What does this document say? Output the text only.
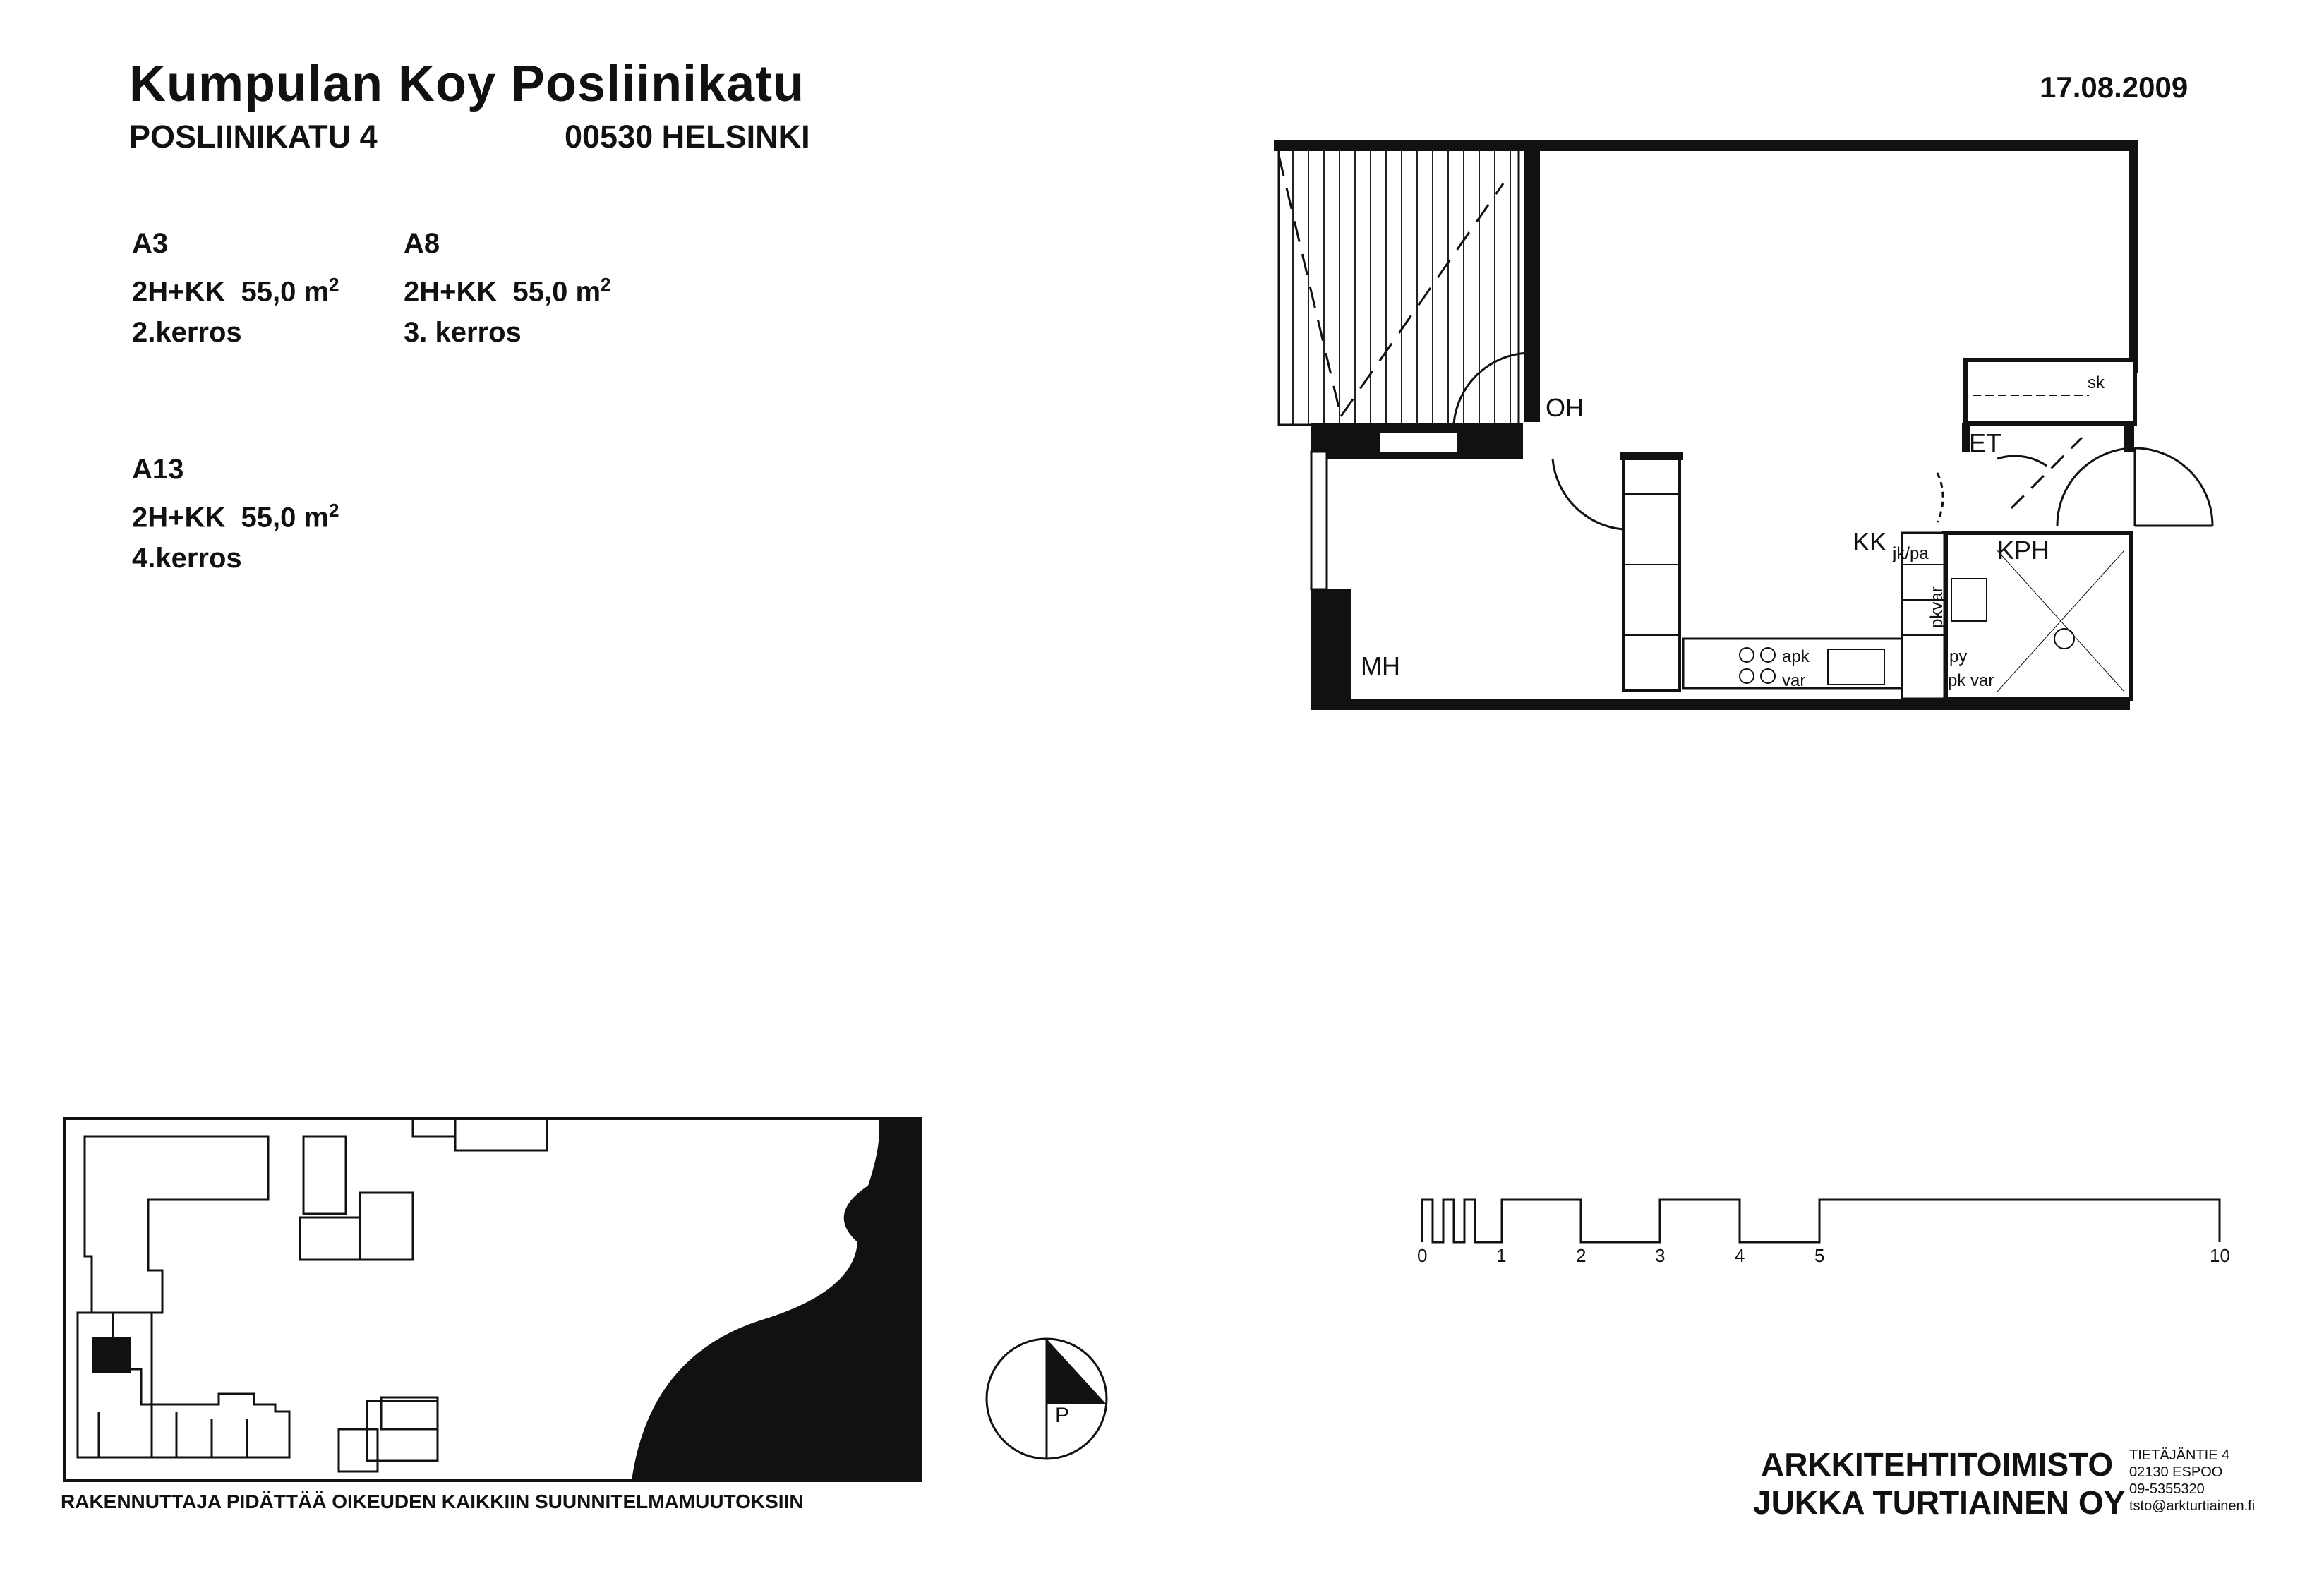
Kumpulan Koy Posliinikatu
POSLIINIKATU 4	00530 HELSINKI
17.08.2009
A3
2H+KK 55,0 $m^2$
2.kerros
A8
2H+KK 55,0 $m^2$
3. kerros
A13
2H+KK 55,0 $m^2$
4.kerros
OH
MH
KK	KPH
ET
sk
jk/pa
apk
var
py
pk var
pkvar
P
0	1	2	3	4	5	10
RAKENNUTTAJA PIDÄTTÄÄ OIKEUDEN KAIKKIIN SUUNNITELMAMUUTOKSIIN
ARKKITEHTITOIMISTO
JUKKA TURTIAINEN OY
TIETÄJÄNTIE 4
02130 ESPOO
09-5355320
tsto@arkturtiainen.fi
